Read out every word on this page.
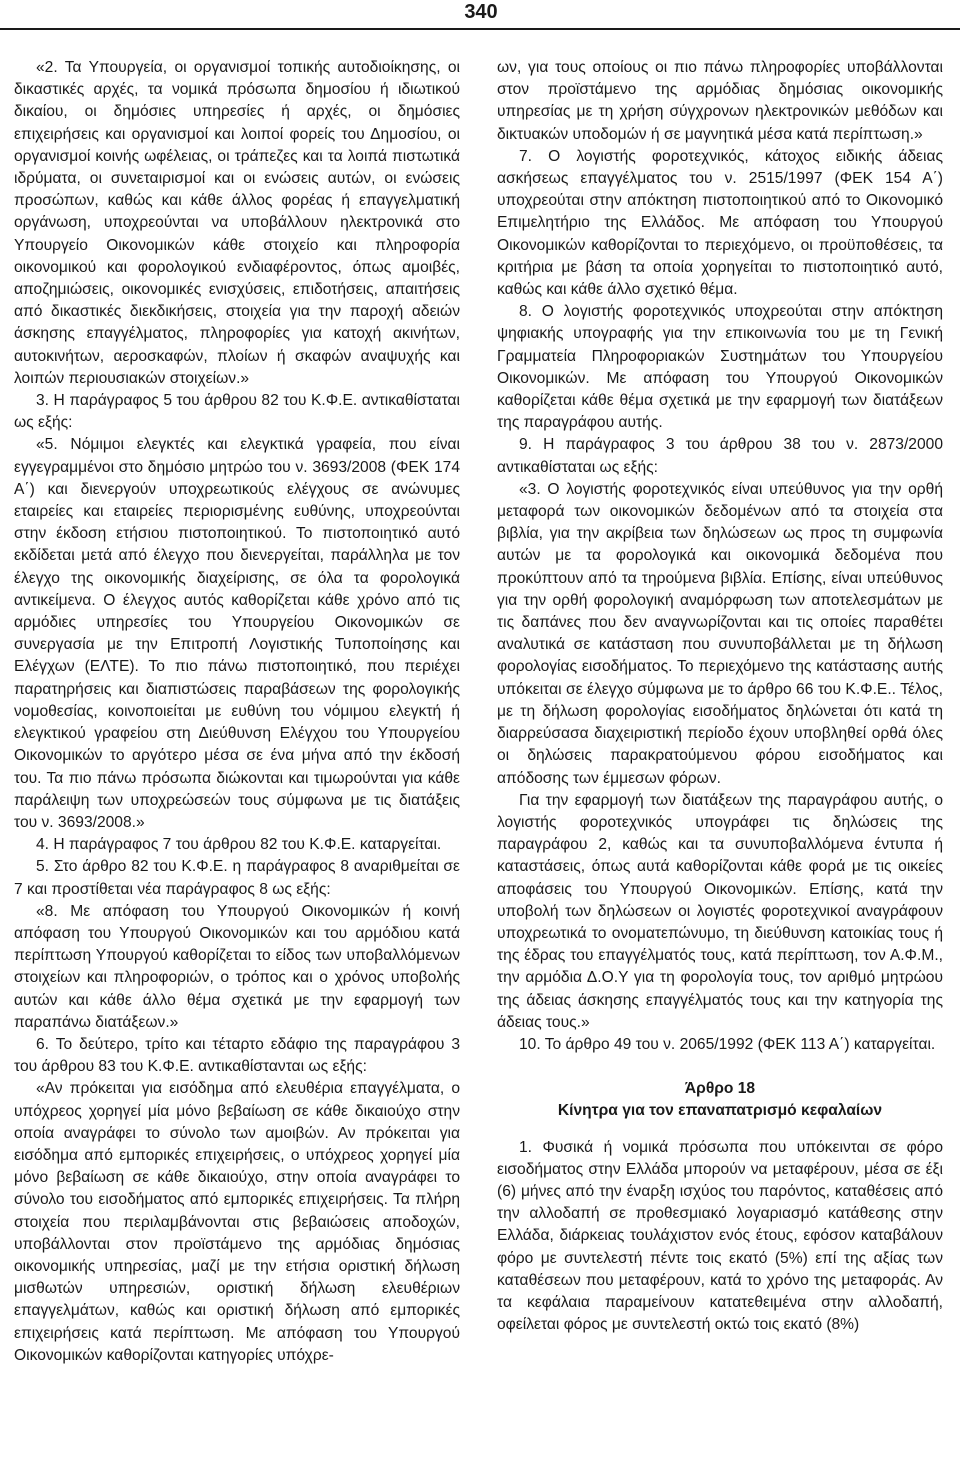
340

«2. Τα Υπουργεία, οι οργανισμοί τοπικής αυτοδιοίκησης, οι δικαστικές αρχές, τα νομικά πρόσωπα δημοσίου ή ιδιωτικού δικαίου, οι δημόσιες υπηρεσίες ή αρχές, οι δημόσιες επιχειρήσεις και οργανισμοί και λοιποί φορείς του Δημοσίου, οι οργανισμοί κοινής ωφέλειας, οι τράπεζες και τα λοιπά πιστωτικά ιδρύματα, οι συνεταιρισμοί και οι ενώσεις αυτών, οι ενώσεις προσώπων, καθώς και κάθε άλλος φορέας ή επαγγελματική οργάνωση, υποχρεούνται να υποβάλλουν ηλεκτρονικά στο Υπουργείο Οικονομικών κάθε στοιχείο και πληροφορία οικονομικού και φορολογικού ενδιαφέροντος, όπως αμοιβές, αποζημιώσεις, οικονομικές ενισχύσεις, επιδοτήσεις, απαιτήσεις από δικαστικές διεκδικήσεις, στοιχεία για την παροχή αδειών άσκησης επαγγέλματος, πληροφορίες για κατοχή ακινήτων, αυτοκινήτων, αεροσκαφών, πλοίων ή σκαφών αναψυχής και λοιπών περιουσιακών στοιχείων.»

3. Η παράγραφος 5 του άρθρου 82 του Κ.Φ.Ε. αντικαθίσταται ως εξής:

«5. Νόμιμοι ελεγκτές και ελεγκτικά γραφεία, που είναι εγγεγραμμένοι στο δημόσιο μητρώο του ν. 3693/2008 (ΦΕΚ 174 Α΄) και διενεργούν υποχρεωτικούς ελέγχους σε ανώνυμες εταιρείες και εταιρείες περιορισμένης ευθύνης, υποχρεούνται στην έκδοση ετήσιου πιστοποιητικού. Το πιστοποιητικό αυτό εκδίδεται μετά από έλεγχο που διενεργείται, παράλληλα με τον έλεγχο της οικονομικής διαχείρισης, σε όλα τα φορολογικά αντικείμενα. Ο έλεγχος αυτός καθορίζεται κάθε χρόνο από τις αρμόδιες υπηρεσίες του Υπουργείου Οικονομικών σε συνεργασία με την Επιτροπή Λογιστικής Τυποποίησης και Ελέγχων (ΕΛΤΕ). Το πιο πάνω πιστοποιητικό, που περιέχει παρατηρήσεις και διαπιστώσεις παραβάσεων της φορολογικής νομοθεσίας, κοινοποιείται με ευθύνη του νόμιμου ελεγκτή ή ελεγκτικού γραφείου στη Διεύθυνση Ελέγχου του Υπουργείου Οικονομικών το αργότερο μέσα σε ένα μήνα από την έκδοσή του. Τα πιο πάνω πρόσωπα διώκονται και τιμωρούνται για κάθε παράλειψη των υποχρεώσεών τους σύμφωνα με τις διατάξεις του ν. 3693/2008.»

4. Η παράγραφος 7 του άρθρου 82 του Κ.Φ.Ε. καταργείται.

5. Στο άρθρο 82 του Κ.Φ.Ε. η παράγραφος 8 αναριθμείται σε 7 και προστίθεται νέα παράγραφος 8 ως εξής:

«8. Με απόφαση του Υπουργού Οικονομικών ή κοινή απόφαση του Υπουργού Οικονομικών και του αρμόδιου κατά περίπτωση Υπουργού καθορίζεται το είδος των υποβαλλόμενων στοιχείων και πληροφοριών, ο τρόπος και ο χρόνος υποβολής αυτών και κάθε άλλο θέμα σχετικά με την εφαρμογή των παραπάνω διατάξεων.»

6. Το δεύτερο, τρίτο και τέταρτο εδάφιο της παραγράφου 3 του άρθρου 83 του Κ.Φ.Ε. αντικαθίστανται ως εξής:

«Αν πρόκειται για εισόδημα από ελευθέρια επαγγέλματα, ο υπόχρεος χορηγεί μία μόνο βεβαίωση σε κάθε δικαιούχο στην οποία αναγράφει το σύνολο των αμοιβών. Αν πρόκειται για εισόδημα από εμπορικές επιχειρήσεις, ο υπόχρεος χορηγεί μία μόνο βεβαίωση σε κάθε δικαιούχο, στην οποία αναγράφει το σύνολο του εισοδήματος από εμπορικές επιχειρήσεις. Τα πλήρη στοιχεία που περιλαμβάνονται στις βεβαιώσεις αποδοχών, υποβάλλονται στον προϊστάμενο της αρμόδιας δημόσιας οικονομικής υπηρεσίας, μαζί με την ετήσια οριστική δήλωση μισθωτών υπηρεσιών, οριστική δήλωση ελευθέριων επαγγελμάτων, καθώς και οριστική δήλωση από εμπορικές επιχειρήσεις κατά περίπτωση. Με απόφαση του Υπουργού Οικονομικών καθορίζονται κατηγορίες υπόχρε-

ων, για τους οποίους οι πιο πάνω πληροφορίες υποβάλλονται στον προϊστάμενο της αρμόδιας δημόσιας οικονομικής υπηρεσίας με τη χρήση σύγχρονων ηλεκτρονικών μεθόδων και δικτυακών υποδομών ή σε μαγνητικά μέσα κατά περίπτωση.»

7. Ο λογιστής φοροτεχνικός, κάτοχος ειδικής άδειας ασκήσεως επαγγέλματος του ν. 2515/1997 (ΦΕΚ 154 Α΄) υποχρεούται στην απόκτηση πιστοποιητικού από το Οικονομικό Επιμελητήριο της Ελλάδος. Με απόφαση του Υπουργού Οικονομικών καθορίζονται το περιεχόμενο, οι προϋποθέσεις, τα κριτήρια με βάση τα οποία χορηγείται το πιστοποιητικό αυτό, καθώς και κάθε άλλο σχετικό θέμα.

8. Ο λογιστής φοροτεχνικός υποχρεούται στην απόκτηση ψηφιακής υπογραφής για την επικοινωνία του με τη Γενική Γραμματεία Πληροφοριακών Συστημάτων του Υπουργείου Οικονομικών. Με απόφαση του Υπουργού Οικονομικών καθορίζεται κάθε θέμα σχετικά με την εφαρμογή των διατάξεων της παραγράφου αυτής.

9. Η παράγραφος 3 του άρθρου 38 του ν. 2873/2000 αντικαθίσταται ως εξής:

«3. Ο λογιστής φοροτεχνικός είναι υπεύθυνος για την ορθή μεταφορά των οικονομικών δεδομένων από τα στοιχεία στα βιβλία, για την ακρίβεια των δηλώσεων ως προς τη συμφωνία αυτών με τα φορολογικά και οικονομικά δεδομένα που προκύπτουν από τα τηρούμενα βιβλία. Επίσης, είναι υπεύθυνος για την ορθή φορολογική αναμόρφωση των αποτελεσμάτων με τις δαπάνες που δεν αναγνωρίζονται και τις οποίες παραθέτει αναλυτικά σε κατάσταση που συνυποβάλλεται με τη δήλωση φορολογίας εισοδήματος. Το περιεχόμενο της κατάστασης αυτής υπόκειται σε έλεγχο σύμφωνα με το άρθρο 66 του Κ.Φ.Ε.. Τέλος, με τη δήλωση φορολογίας εισοδήματος δηλώνεται ότι κατά τη διαρρεύσασα διαχειριστική περίοδο έχουν υποβληθεί ορθά όλες οι δηλώσεις παρακρατούμενου φόρου εισοδήματος και απόδοσης των έμμεσων φόρων.

Για την εφαρμογή των διατάξεων της παραγράφου αυτής, ο λογιστής φοροτεχνικός υπογράφει τις δηλώσεις της παραγράφου 2, καθώς και τα συνυποβαλλόμενα έντυπα ή καταστάσεις, όπως αυτά καθορίζονται κάθε φορά με τις οικείες αποφάσεις του Υπουργού Οικονομικών. Επίσης, κατά την υποβολή των δηλώσεων οι λογιστές φοροτεχνικοί αναγράφουν υποχρεωτικά το ονοματεπώνυμο, τη διεύθυνση κατοικίας τους ή της έδρας του επαγγέλματός τους, κατά περίπτωση, τον Α.Φ.Μ., την αρμόδια Δ.Ο.Υ για τη φορολογία τους, τον αριθμό μητρώου της άδειας άσκησης επαγγέλματός τους και την κατηγορία της άδειας τους.»

10. Το άρθρο 49 του ν. 2065/1992 (ΦΕΚ 113 Α΄) καταργείται.

Άρθρο 18
Κίνητρα για τον επαναπατρισμό κεφαλαίων

1. Φυσικά ή νομικά πρόσωπα που υπόκεινται σε φόρο εισοδήματος στην Ελλάδα μπορούν να μεταφέρουν, μέσα σε έξι (6) μήνες από την έναρξη ισχύος του παρόντος, καταθέσεις από την αλλοδαπή σε προθεσμιακό λογαριασμό κατάθεσης στην Ελλάδα, διάρκειας τουλάχιστον ενός έτους, εφόσον καταβάλουν φόρο με συντελεστή πέντε τοις εκατό (5%) επί της αξίας των καταθέσεων που μεταφέρουν, κατά το χρόνο της μεταφοράς. Αν τα κεφάλαια παραμείνουν κατατεθειμένα στην αλλοδαπή, οφείλεται φόρος με συντελεστή οκτώ τοις εκατό (8%)
